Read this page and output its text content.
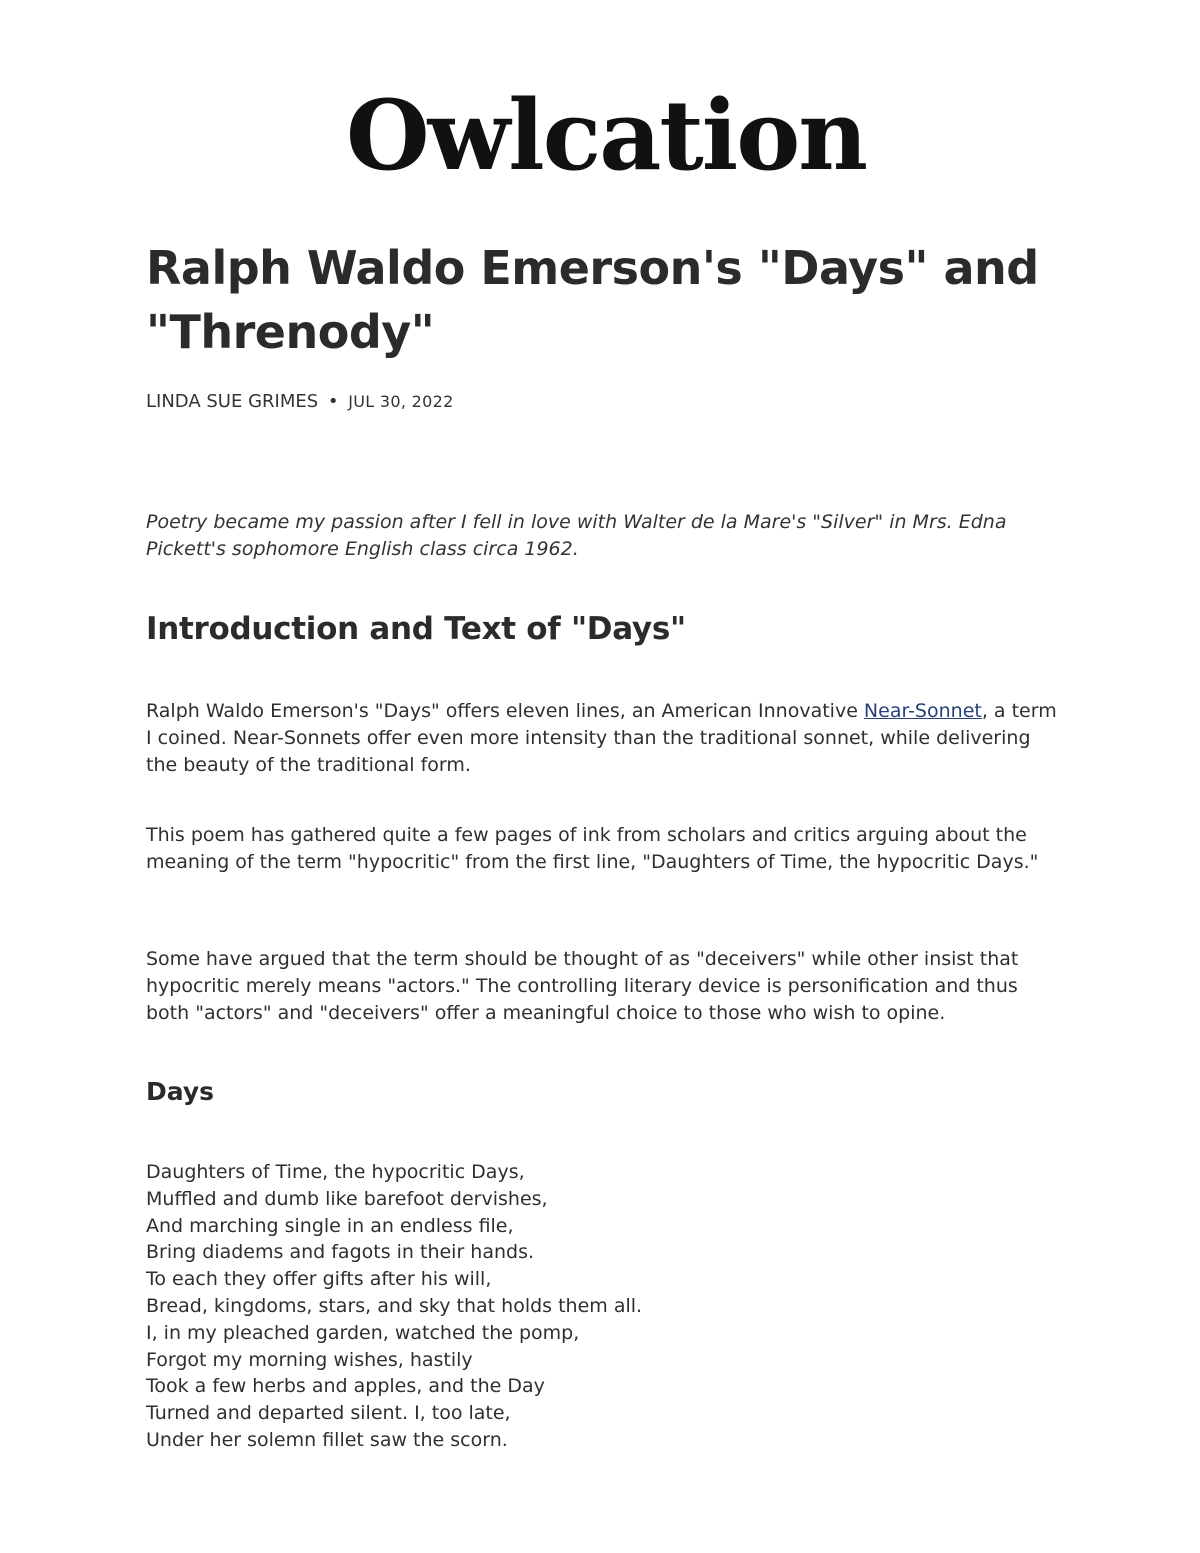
Owlcation
Ralph Waldo Emerson's "Days" and "Threnody"
LINDA SUE GRIMES • JUL 30, 2022

Poetry became my passion after I fell in love with Walter de la Mare's "Silver" in Mrs. Edna Pickett's sophomore English class circa 1962.

Introduction and Text of "Days"

Ralph Waldo Emerson's "Days" offers eleven lines, an American Innovative Near-Sonnet, a term I coined. Near-Sonnets offer even more intensity than the traditional sonnet, while delivering the beauty of the traditional form.

This poem has gathered quite a few pages of ink from scholars and critics arguing about the meaning of the term "hypocritic" from the first line, "Daughters of Time, the hypocritic Days."

Some have argued that the term should be thought of as "deceivers" while other insist that hypocritic merely means "actors." The controlling literary device is personification and thus both "actors" and "deceivers" offer a meaningful choice to those who wish to opine.

Days
Daughters of Time, the hypocritic Days,
Muffled and dumb like barefoot dervishes,
And marching single in an endless file,
Bring diadems and fagots in their hands.
To each they offer gifts after his will,
Bread, kingdoms, stars, and sky that holds them all.
I, in my pleached garden, watched the pomp,
Forgot my morning wishes, hastily
Took a few herbs and apples, and the Day
Turned and departed silent. I, too late,
Under her solemn fillet saw the scorn.
